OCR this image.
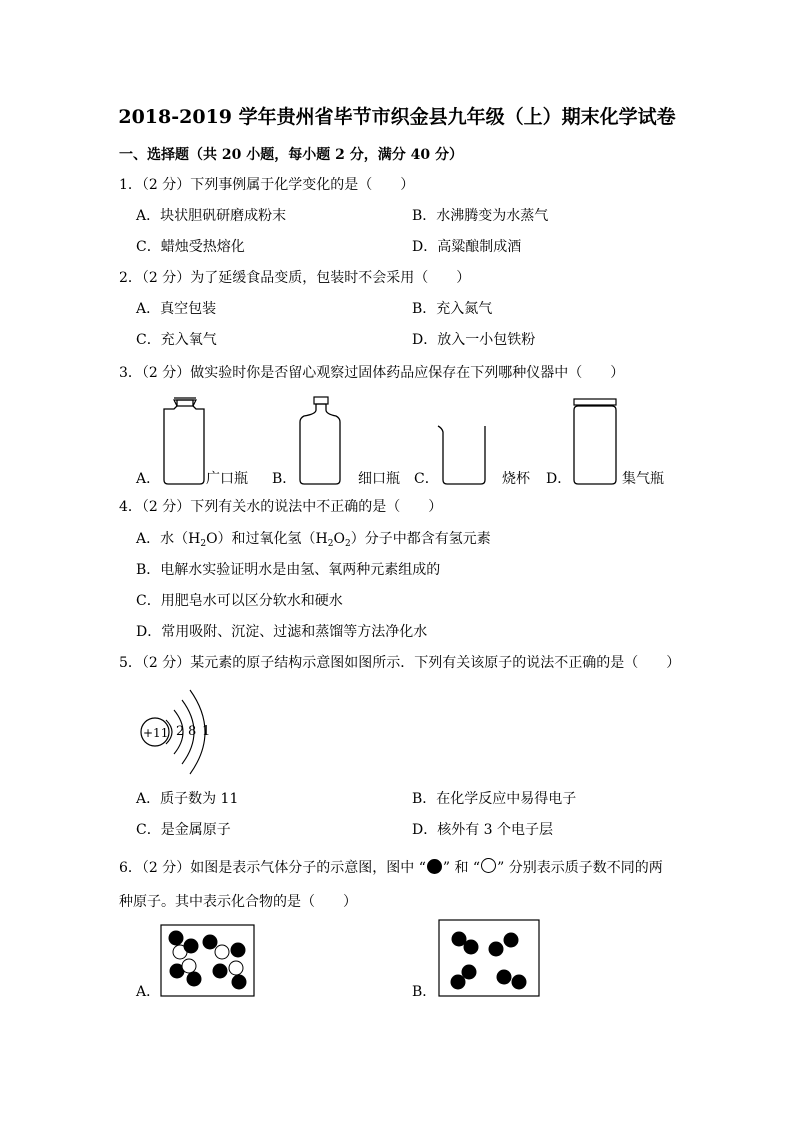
2018-2019 学年贵州省毕节市织金县九年级（上）期末化学试卷
一、选择题（共 20 小题，每小题 2 分，满分 40 分）
1．（2 分）下列事例属于化学变化的是（　　）
A．块状胆矾研磨成粉末	B．水沸腾变为水蒸气
C．蜡烛受热熔化	D．高粱酿制成酒
2．（2 分）为了延缓食品变质，包装时不会采用（　　）
A．真空包装	B．充入氮气
C．充入氧气	D．放入一小包铁粉
3．（2 分）做实验时你是否留心观察过固体药品应保存在下列哪种仪器中（　　）
A．	广口瓶 B．	细口瓶 C．	烧杯 D．	集气瓶
4．（2 分）下列有关水的说法中不正确的是（　　）
A．水$(H_2O)$和过氧化氢$(H_2O_2)$分子中都含有氢元素
B．电解水实验证明水是由氢、氧两种元素组成的
C．用肥皂水可以区分软水和硬水
D．常用吸附、沉淀、过滤和蒸馏等方法净化水
5．（2 分）某元素的原子结构示意图如图所示．下列有关该原子的说法不正确的是（　　）
+11 2 8 1
A．质子数为 11	B．在化学反应中易得电子
C．是金属原子	D．核外有 3 个电子层
6．（2 分）如图是表示气体分子的示意图，图中 “ ” 和 “ ” 分别表示质子数不同的两
种原子。其中表示化合物的是（　　）
A．	B．
